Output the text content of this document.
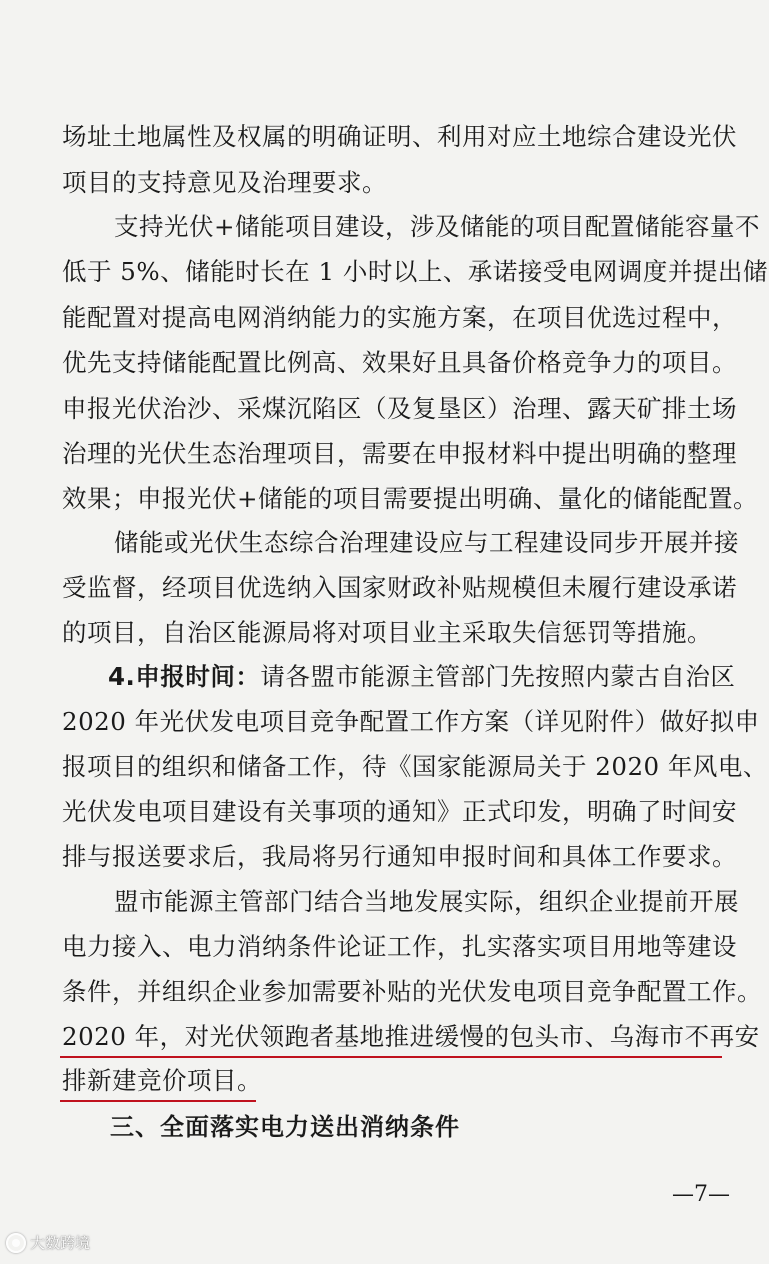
场址土地属性及权属的明确证明、利用对应土地综合建设光伏
项目的支持意见及治理要求。
支持光伏+储能项目建设，涉及储能的项目配置储能容量不
低于 5%、储能时长在 1 小时以上、承诺接受电网调度并提出储
能配置对提高电网消纳能力的实施方案，在项目优选过程中，
优先支持储能配置比例高、效果好且具备价格竞争力的项目。
申报光伏治沙、采煤沉陷区（及复垦区）治理、露天矿排土场
治理的光伏生态治理项目，需要在申报材料中提出明确的整理
效果；申报光伏+储能的项目需要提出明确、量化的储能配置。
储能或光伏生态综合治理建设应与工程建设同步开展并接
受监督，经项目优选纳入国家财政补贴规模但未履行建设承诺
的项目，自治区能源局将对项目业主采取失信惩罚等措施。
4.申报时间：请各盟市能源主管部门先按照内蒙古自治区
2020 年光伏发电项目竞争配置工作方案（详见附件）做好拟申
报项目的组织和储备工作，待《国家能源局关于 2020 年风电、
光伏发电项目建设有关事项的通知》正式印发，明确了时间安
排与报送要求后，我局将另行通知申报时间和具体工作要求。
盟市能源主管部门结合当地发展实际，组织企业提前开展
电力接入、电力消纳条件论证工作，扎实落实项目用地等建设
条件，并组织企业参加需要补贴的光伏发电项目竞争配置工作。
2020 年，对光伏领跑者基地推进缓慢的包头市、乌海市不再安
排新建竞价项目。
三、全面落实电力送出消纳条件
—7—
大数跨境
